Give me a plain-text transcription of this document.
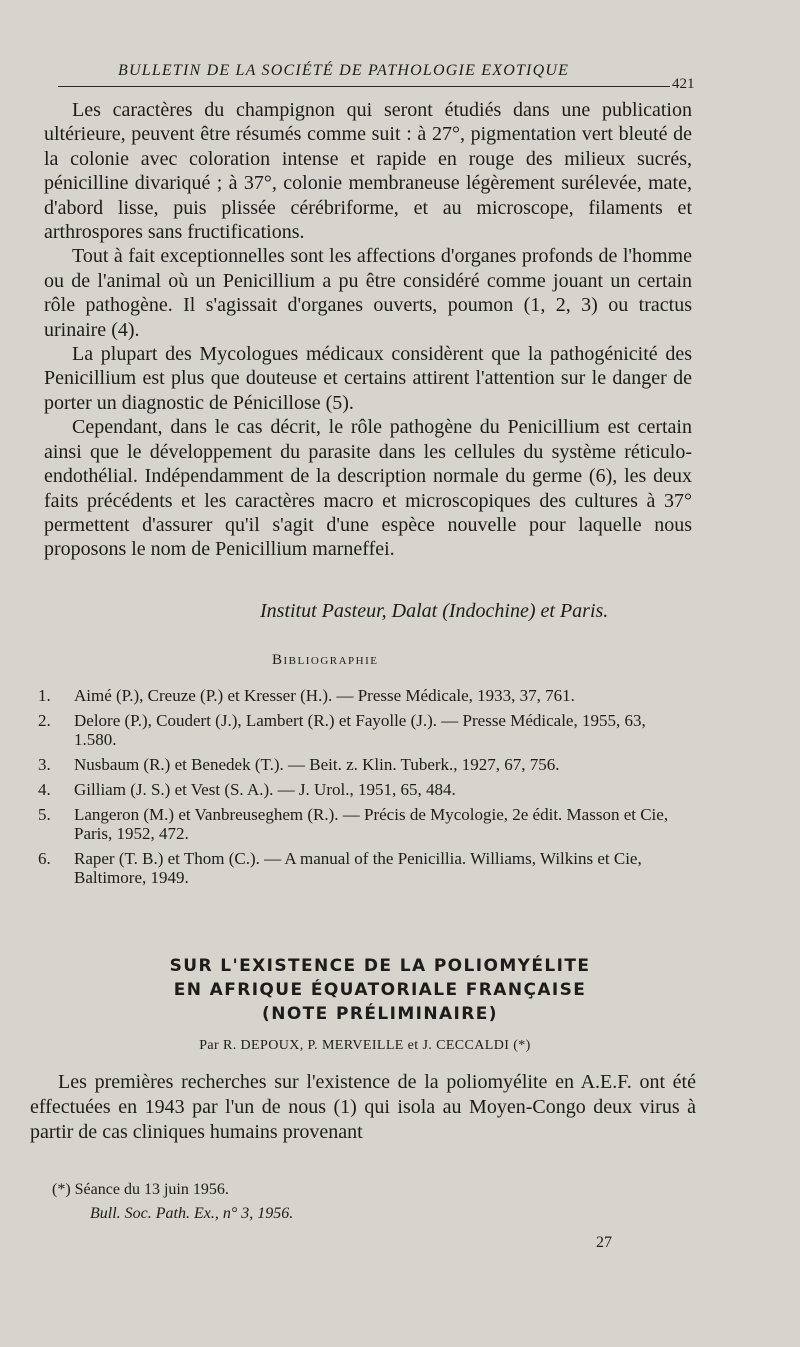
BULLETIN DE LA SOCIÉTÉ DE PATHOLOGIE EXOTIQUE
421

Les caractères du champignon qui seront étudiés dans une publication ultérieure, peuvent être résumés comme suit : à 27°, pigmentation vert bleuté de la colonie avec coloration intense et rapide en rouge des milieux sucrés, pénicilline divariqué ; à 37°, colonie membraneuse légèrement surélevée, mate, d'abord lisse, puis plissée cérébriforme, et au microscope, filaments et arthrospores sans fructifications.

Tout à fait exceptionnelles sont les affections d'organes profonds de l'homme ou de l'animal où un Penicillium a pu être considéré comme jouant un certain rôle pathogène. Il s'agissait d'organes ouverts, poumon (1, 2, 3) ou tractus urinaire (4).

La plupart des Mycologues médicaux considèrent que la pathogénicité des Penicillium est plus que douteuse et certains attirent l'attention sur le danger de porter un diagnostic de Pénicillose (5).

Cependant, dans le cas décrit, le rôle pathogène du Penicillium est certain ainsi que le développement du parasite dans les cellules du système réticulo-endothélial. Indépendamment de la description normale du germe (6), les deux faits précédents et les caractères macro et microscopiques des cultures à 37° permettent d'assurer qu'il s'agit d'une espèce nouvelle pour laquelle nous proposons le nom de Penicillium marneffei.

Institut Pasteur, Dalat (Indochine) et Paris.
Bibliographie
1.	Aimé (P.), Creuze (P.) et Kresser (H.). — Presse Médicale, 1933, 37, 761.
2.	Delore (P.), Coudert (J.), Lambert (R.) et Fayolle (J.). — Presse Médicale, 1955, 63, 1.580.
3.	Nusbaum (R.) et Benedek (T.). — Beit. z. Klin. Tuberk., 1927, 67, 756.
4.	Gilliam (J. S.) et Vest (S. A.). — J. Urol., 1951, 65, 484.
5.	Langeron (M.) et Vanbreuseghem (R.). — Précis de Mycologie, 2e édit. Masson et Cie, Paris, 1952, 472.
6.	Raper (T. B.) et Thom (C.). — A manual of the Penicillia. Williams, Wilkins et Cie, Baltimore, 1949.
SUR L'EXISTENCE DE LA POLIOMYÉLITE
EN AFRIQUE ÉQUATORIALE FRANÇAISE
(NOTE PRÉLIMINAIRE)
Par R. DEPOUX, P. MERVEILLE et J. CECCALDI (*)

Les premières recherches sur l'existence de la poliomyélite en A.E.F. ont été effectuées en 1943 par l'un de nous (1) qui isola au Moyen-Congo deux virus à partir de cas cliniques humains provenant

(*) Séance du 13 juin 1956.
Bull. Soc. Path. Ex., n° 3, 1956.
27
